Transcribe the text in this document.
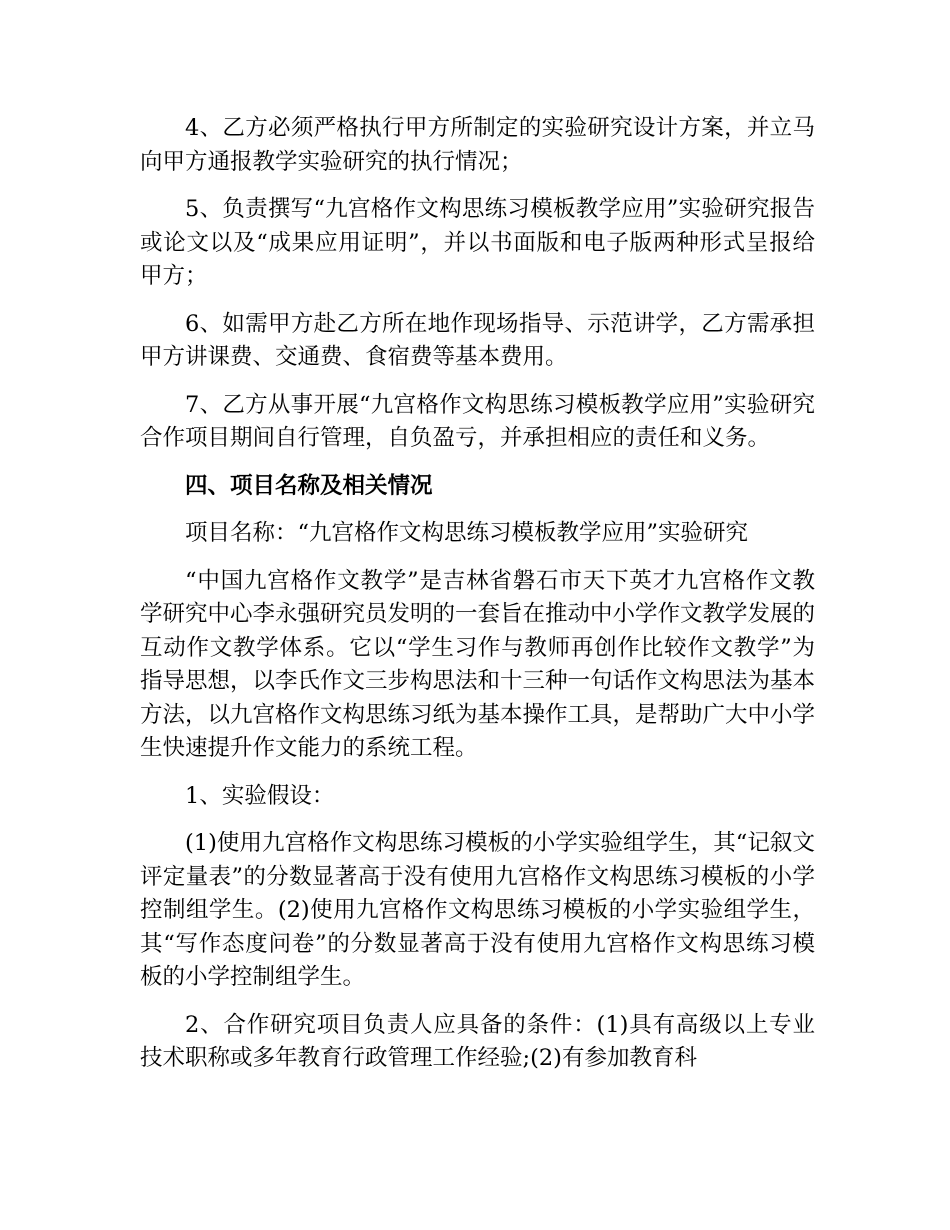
4、乙方必须严格执行甲方所制定的实验研究设计方案，并立马向甲方通报教学实验研究的执行情况；

5、负责撰写“九宫格作文构思练习模板教学应用”实验研究报告或论文以及“成果应用证明”，并以书面版和电子版两种形式呈报给甲方；

6、如需甲方赴乙方所在地作现场指导、示范讲学，乙方需承担甲方讲课费、交通费、食宿费等基本费用。

7、乙方从事开展“九宫格作文构思练习模板教学应用”实验研究合作项目期间自行管理，自负盈亏，并承担相应的责任和义务。

四、项目名称及相关情况

项目名称：“九宫格作文构思练习模板教学应用”实验研究

“中国九宫格作文教学”是吉林省磐石市天下英才九宫格作文教学研究中心李永强研究员发明的一套旨在推动中小学作文教学发展的互动作文教学体系。它以“学生习作与教师再创作比较作文教学”为指导思想，以李氏作文三步构思法和十三种一句话作文构思法为基本方法，以九宫格作文构思练习纸为基本操作工具，是帮助广大中小学生快速提升作文能力的系统工程。

1、实验假设：

(1)使用九宫格作文构思练习模板的小学实验组学生，其“记叙文评定量表”的分数显著高于没有使用九宫格作文构思练习模板的小学控制组学生。(2)使用九宫格作文构思练习模板的小学实验组学生，其“写作态度问卷”的分数显著高于没有使用九宫格作文构思练习模板的小学控制组学生。

2、合作研究项目负责人应具备的条件：(1)具有高级以上专业技术职称或多年教育行政管理工作经验;(2)有参加教育科
